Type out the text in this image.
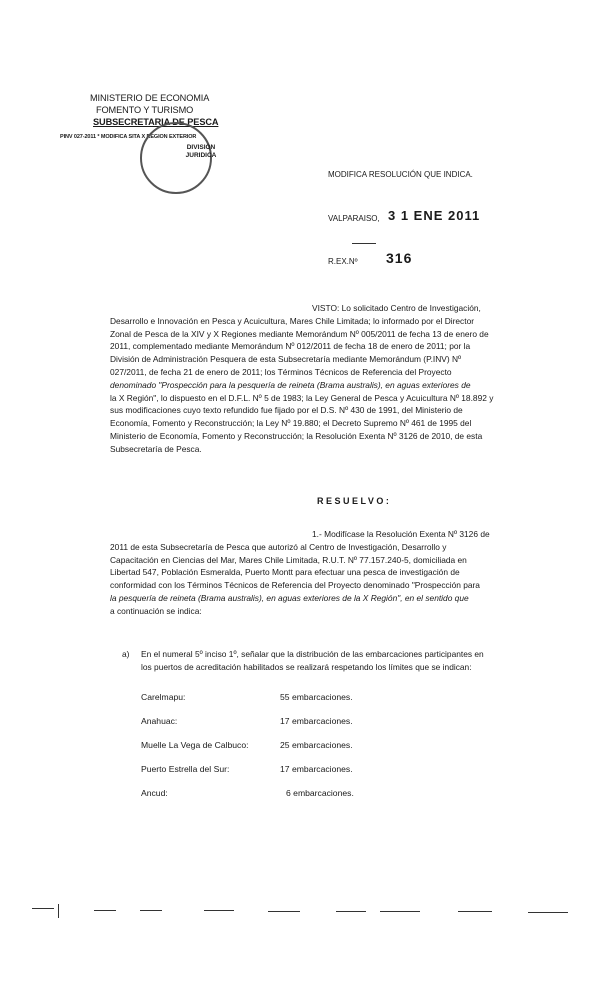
MINISTERIO DE ECONOMIA
FOMENTO Y TURISMO
SUBSECRETARIA DE PESCA
PINV 027-2011 * MODIFICA SITA X REGION EXTERIOR
DIVISION
JURIDICA
MODIFICA RESOLUCIÓN QUE INDICA.
VALPARAISO, 3 1 ENE 2011
R.EX.Nº 316
VISTO: Lo solicitado Centro de Investigación,
Desarrollo e Innovación en Pesca y Acuicultura, Mares Chile Limitada; lo informado por el Director
Zonal de Pesca de la XIV y X Regiones mediante Memorándum Nº 005/2011 de fecha 13 de enero de
2011, complementado mediante Memorándum Nº 012/2011 de fecha 18 de enero de 2011; por la
División de Administración Pesquera de esta Subsecretaría mediante Memorándum (P.INV) Nº
027/2011, de fecha 21 de enero de 2011; los Términos Técnicos de Referencia del Proyecto
denominado "Prospección para la pesquería de reineta (Brama australis), en aguas exteriores de
la X Región", lo dispuesto en el D.F.L. Nº 5 de 1983; la Ley General de Pesca y Acuicultura Nº 18.892 y
sus modificaciones cuyo texto refundido fue fijado por el D.S. Nº 430 de 1991, del Ministerio de
Economía, Fomento y Reconstrucción; la Ley Nº 19.880; el Decreto Supremo Nº 461 de 1995 del
Ministerio de Economía, Fomento y Reconstrucción; la Resolución Exenta Nº 3126 de 2010, de esta
Subsecretaría de Pesca.
RESUELVO:
1.- Modifícase la Resolución Exenta Nº 3126 de
2011 de esta Subsecretaría de Pesca que autorizó al Centro de Investigación, Desarrollo y
Capacitación en Ciencias del Mar, Mares Chile Limitada, R.U.T. Nº 77.157.240-5, domiciliada en
Libertad 547, Población Esmeralda, Puerto Montt para efectuar una pesca de investigación de
conformidad con los Términos Técnicos de Referencia del Proyecto denominado "Prospección para
la pesquería de reineta (Brama australis), en aguas exteriores de la X Región", en el sentido que
a continuación se indica:
a) En el numeral 5º inciso 1º, señalar que la distribución de las embarcaciones participantes en
los puertos de acreditación habilitados se realizará respetando los límites que se indican:
Carelmapu:	55 embarcaciones.
Anahuac:	17 embarcaciones.
Muelle La Vega de Calbuco:	25 embarcaciones.
Puerto Estrella del Sur:	17 embarcaciones.
Ancud:	6 embarcaciones.
